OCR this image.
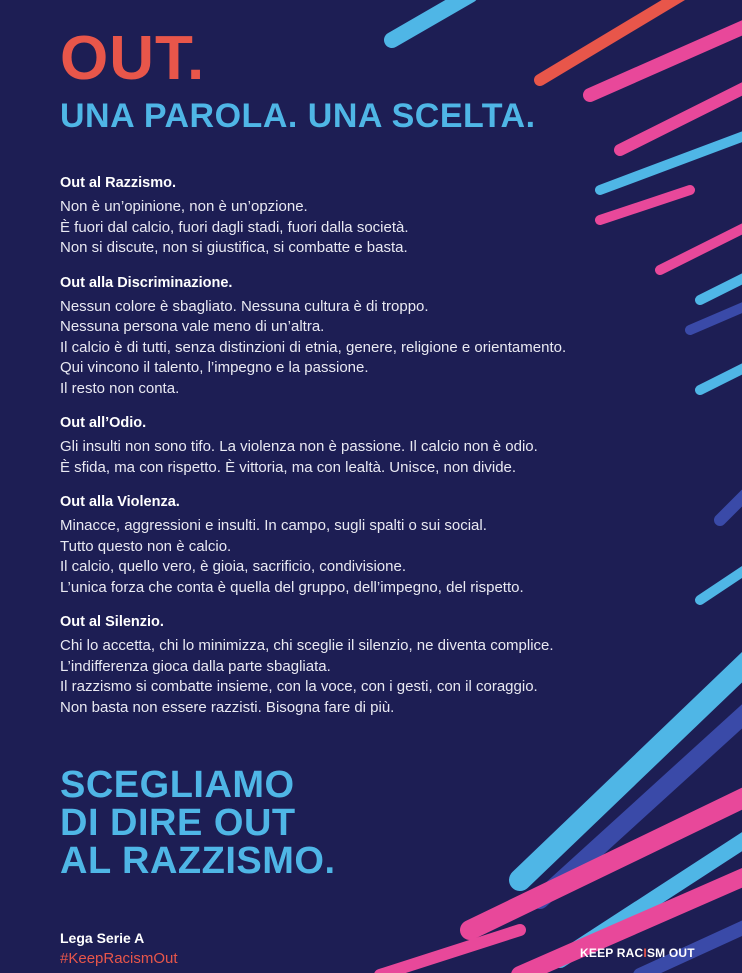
OUT.
UNA PAROLA. UNA SCELTA.
Out al Razzismo.

Non è un’opinione, non è un’opzione.
È fuori dal calcio, fuori dagli stadi, fuori dalla società.
Non si discute, non si giustifica, si combatte e basta.

Out alla Discriminazione.

Nessun colore è sbagliato. Nessuna cultura è di troppo.
Nessuna persona vale meno di un’altra.
Il calcio è di tutti, senza distinzioni di etnia, genere, religione e orientamento.
Qui vincono il talento, l’impegno e la passione.
Il resto non conta.

Out all’Odio.

Gli insulti non sono tifo. La violenza non è passione. Il calcio non è odio.
È sfida, ma con rispetto. È vittoria, ma con lealtà. Unisce, non divide.

Out alla Violenza.

Minacce, aggressioni e insulti. In campo, sugli spalti o sui social.
Tutto questo non è calcio.
Il calcio, quello vero, è gioia, sacrificio, condivisione.
L’unica forza che conta è quella del gruppo, dell’impegno, del rispetto.

Out al Silenzio.

Chi lo accetta, chi lo minimizza, chi sceglie il silenzio, ne diventa complice.
L’indifferenza gioca dalla parte sbagliata.
Il razzismo si combatte insieme, con la voce, con i gesti, con il coraggio.
Non basta non essere razzisti. Bisogna fare di più.

SCEGLIAMO
DI DIRE OUT
AL RAZZISMO.
Lega Serie A
#KeepRacismOut	KEEP RACISM OUT
